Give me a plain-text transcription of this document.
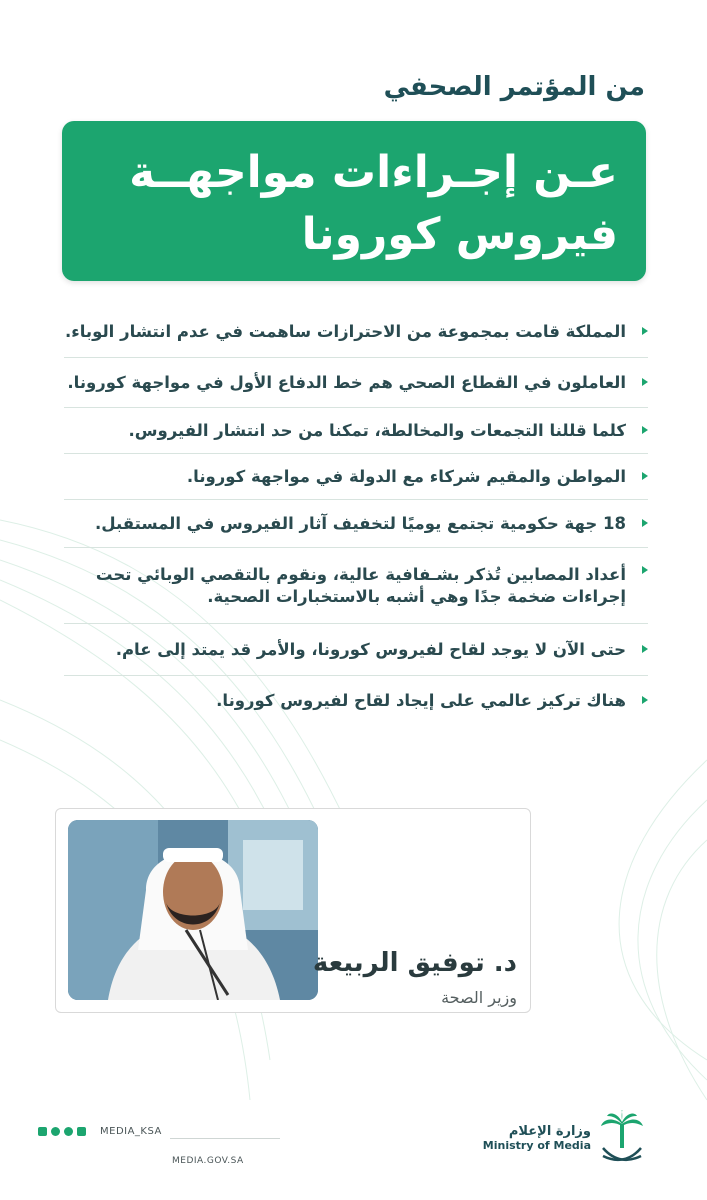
من المؤتمر الصحفي
عـن إجـراءات مواجهــة
فيروس كورونا
المملكة قامت بمجموعة من الاحترازات ساهمت في عدم انتشار الوباء.
العاملون في القطاع الصحي هم خط الدفاع الأول في مواجهة كورونا.
كلما قللنا التجمعات والمخالطة، تمكنا من حد انتشار الفيروس.
المواطن والمقيم شركاء مع الدولة في مواجهة كورونا.
18 جهة حكومية تجتمع يوميًا لتخفيف آثار الفيروس في المستقبل.
أعداد المصابين تُذكر بشـفافية عالية، ونقوم بالتقصي الوبائي تحت إجراءات ضخمة جدًا وهي أشبه بالاستخبارات الصحية.
حتى الآن لا يوجد لقاح لفيروس كورونا، والأمر قد يمتد إلى عام.
هناك تركيز عالمي على إيجاد لقاح لفيروس كورونا.
د. توفيق الربيعة
وزير الصحة
MEDIA_KSA
MEDIA.GOV.SA
وزارة الإعلام
Ministry of Media
